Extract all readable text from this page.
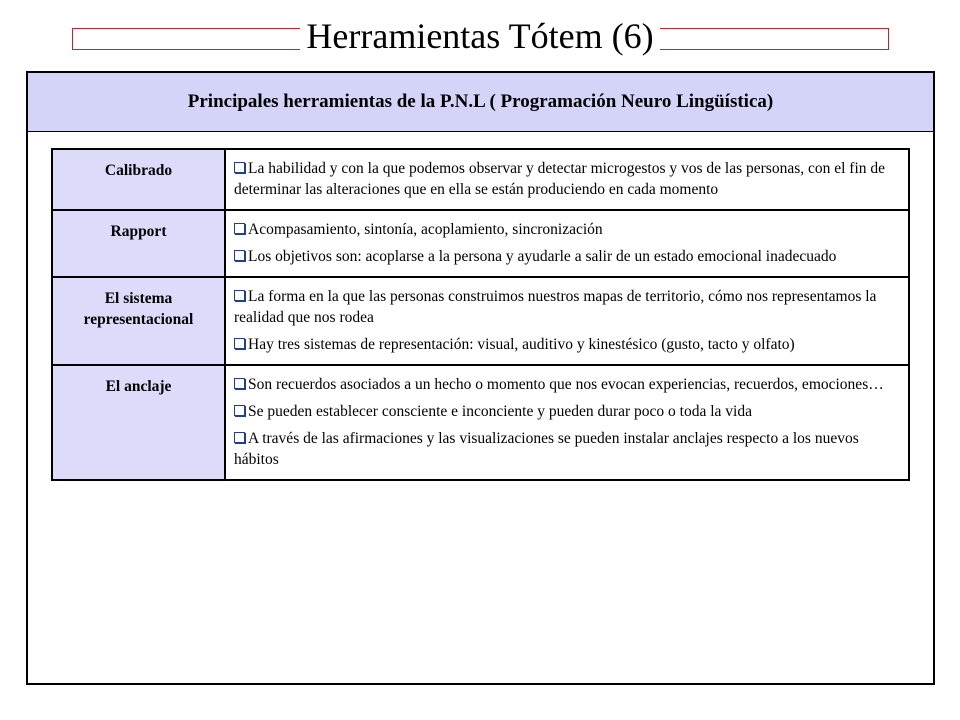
Herramientas Tótem (6)
Principales herramientas de la P.N.L ( Programación Neuro Lingüística)
Calibrado	La habilidad y con la que podemos observar y detectar microgestos y vos de las personas, con el fin de determinar las alteraciones que en ella se están produciendo en cada momento

Rapport	Acompasamiento, sintonía, acoplamiento, sincronización
Los objetivos son: acoplarse a la persona y ayudarle a salir de un estado emocional inadecuado

El sistema representacional	La forma en la que las personas construimos nuestros mapas de territorio, cómo nos representamos la realidad que nos rodea
Hay tres sistemas de representación: visual, auditivo y kinestésico (gusto, tacto y olfato)

El anclaje	Son recuerdos asociados a un hecho o momento que nos evocan experiencias, recuerdos, emociones…
Se pueden establecer consciente e inconciente y pueden durar poco o toda la vida
A través de las afirmaciones y las visualizaciones se pueden instalar anclajes respecto a los nuevos hábitos
